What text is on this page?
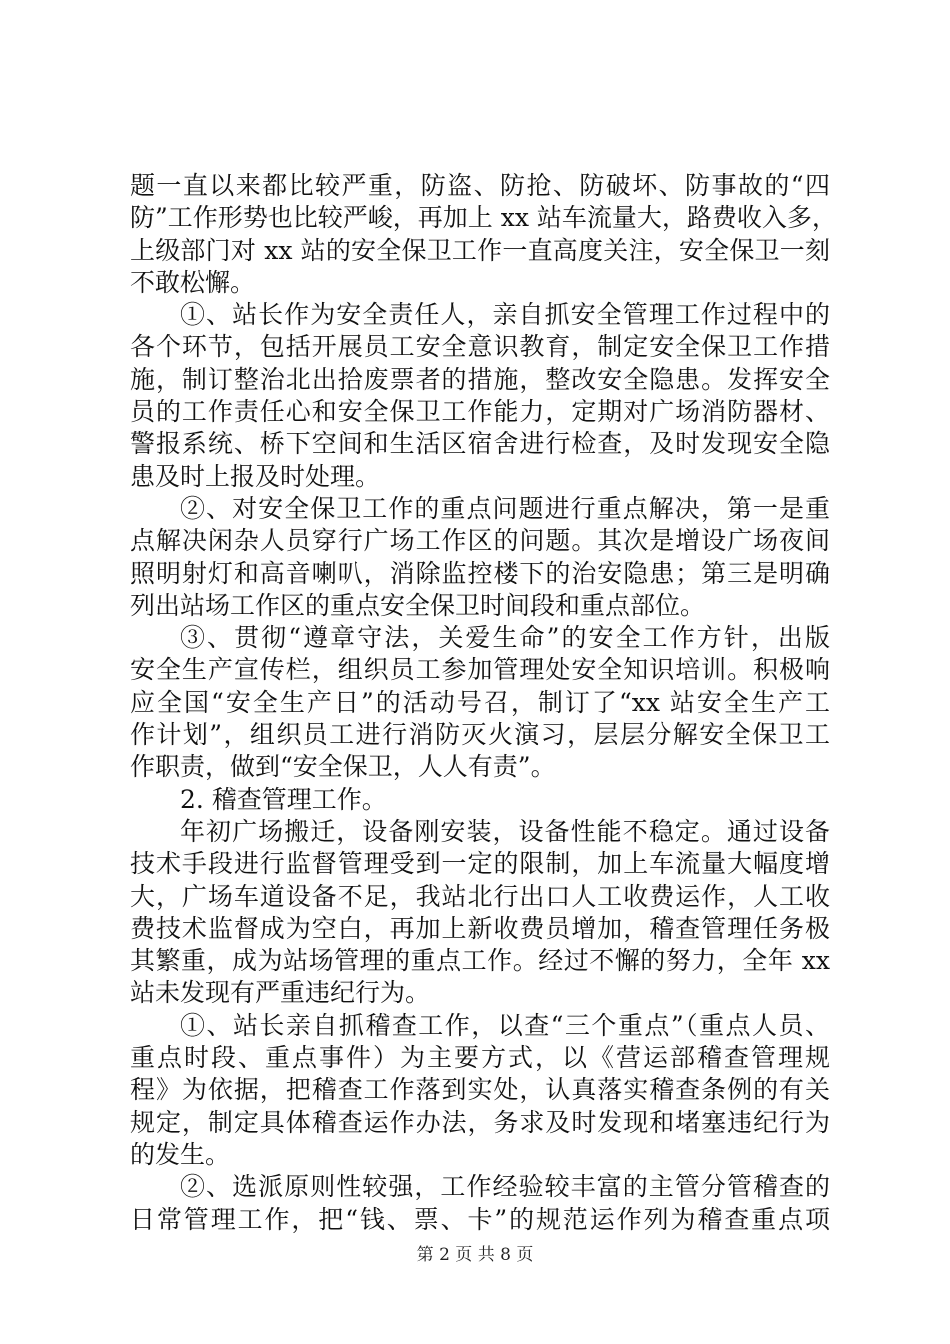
题一直以来都比较严重，防盗、防抢、防破坏、防事故的“四
防”工作形势也比较严峻，再加上 xx 站车流量大，路费收入多，
上级部门对 xx 站的安全保卫工作一直高度关注，安全保卫一刻
不敢松懈。
①、站长作为安全责任人，亲自抓安全管理工作过程中的
各个环节，包括开展员工安全意识教育，制定安全保卫工作措
施，制订整治北出拾废票者的措施，整改安全隐患。发挥安全
员的工作责任心和安全保卫工作能力，定期对广场消防器材、
警报系统、桥下空间和生活区宿舍进行检查，及时发现安全隐
患及时上报及时处理。
②、对安全保卫工作的重点问题进行重点解决，第一是重
点解决闲杂人员穿行广场工作区的问题。其次是增设广场夜间
照明射灯和高音喇叭，消除监控楼下的治安隐患；第三是明确
列出站场工作区的重点安全保卫时间段和重点部位。
③、贯彻“遵章守法，关爱生命”的安全工作方针，出版
安全生产宣传栏，组织员工参加管理处安全知识培训。积极响
应全国“安全生产日”的活动号召，制订了“xx 站安全生产工
作计划”，组织员工进行消防灭火演习，层层分解安全保卫工
作职责，做到“安全保卫，人人有责”。
2. 稽查管理工作。
年初广场搬迁，设备刚安装，设备性能不稳定。通过设备
技术手段进行监督管理受到一定的限制，加上车流量大幅度增
大，广场车道设备不足，我站北行出口人工收费运作，人工收
费技术监督成为空白，再加上新收费员增加，稽查管理任务极
其繁重，成为站场管理的重点工作。经过不懈的努力，全年 xx
站未发现有严重违纪行为。
①、站长亲自抓稽查工作，以查“三个重点”（重点人员、
重点时段、重点事件）为主要方式，以《营运部稽查管理规
程》为依据，把稽查工作落到实处，认真落实稽查条例的有关
规定，制定具体稽查运作办法，务求及时发现和堵塞违纪行为
的发生。
②、选派原则性较强，工作经验较丰富的主管分管稽查的
日常管理工作，把“钱、票、卡”的规范运作列为稽查重点项
第 2 页 共 8 页
